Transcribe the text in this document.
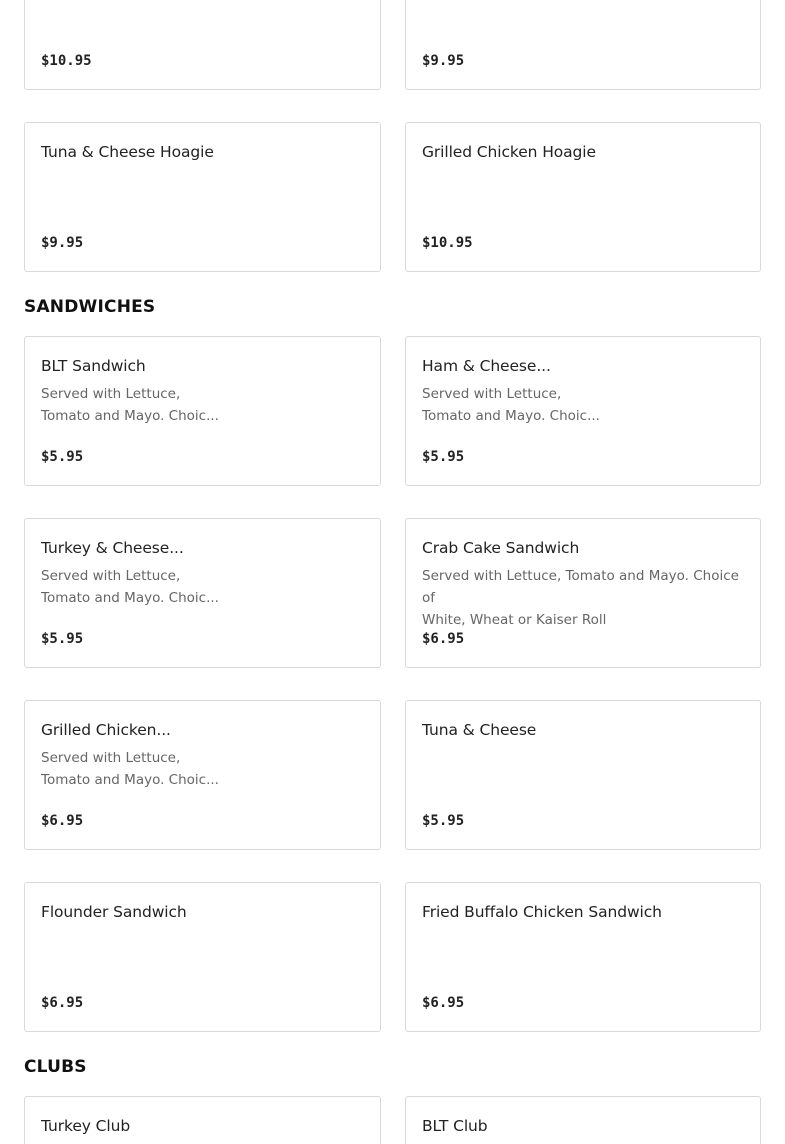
$10.95	$9.95
Tuna & Cheese Hoagie
$9.95
Grilled Chicken Hoagie
$10.95
SANDWICHES
BLT Sandwich
Served with Lettuce,
Tomato and Mayo. Choic...
$5.95
Ham & Cheese...
Served with Lettuce,
Tomato and Mayo. Choic...
$5.95
Turkey & Cheese...
Served with Lettuce,
Tomato and Mayo. Choic...
$5.95
Crab Cake Sandwich
Served with Lettuce, Tomato and Mayo. Choice of
White, Wheat or Kaiser Roll
$6.95
Grilled Chicken...
Served with Lettuce,
Tomato and Mayo. Choic...
$6.95
Tuna & Cheese
$5.95
Flounder Sandwich
$6.95
Fried Buffalo Chicken Sandwich
$6.95
CLUBS
Turkey Club	BLT Club
